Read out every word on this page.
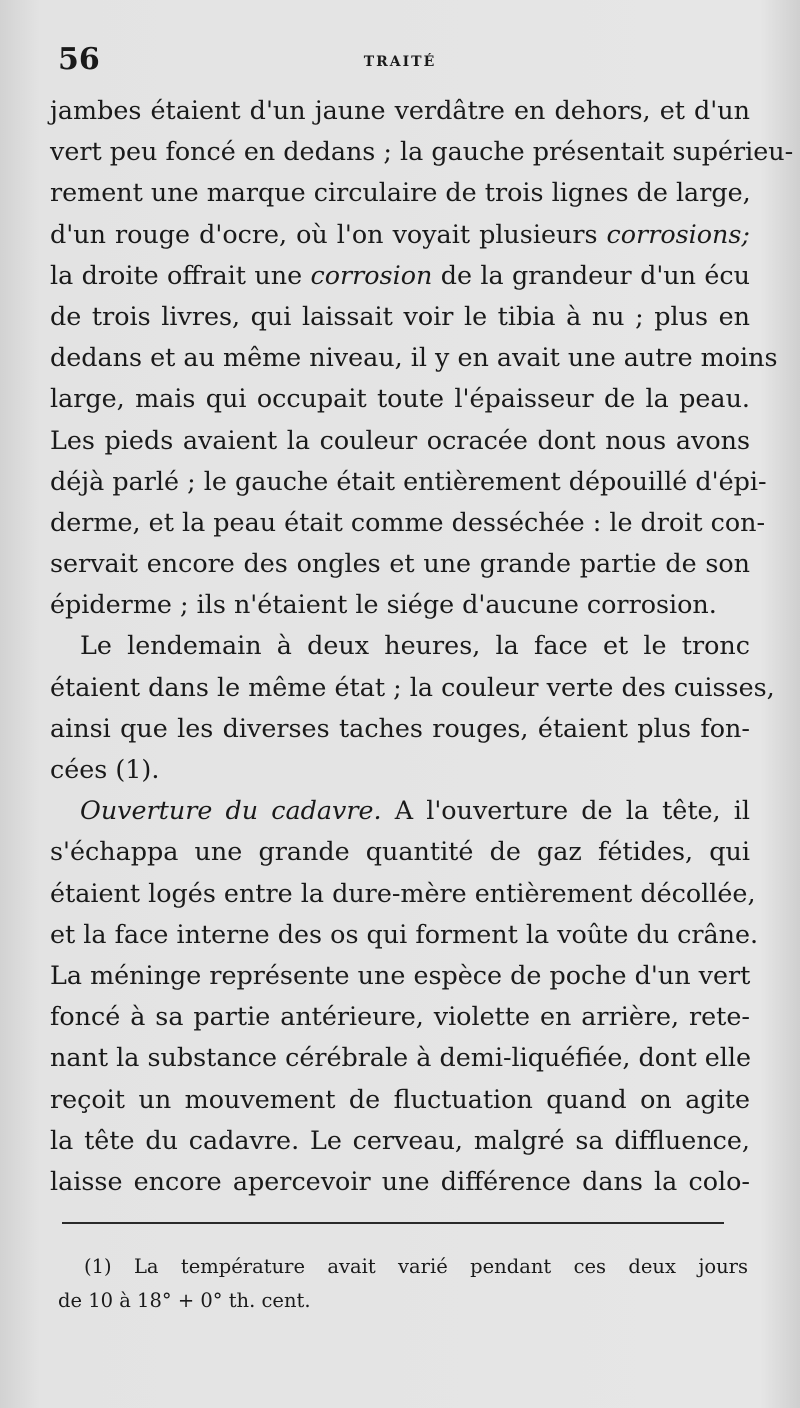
56	TRAITÉ
jambes étaient d'un jaune verdâtre en dehors, et d'un
vert peu foncé en dedans ; la gauche présentait supérieu-
rement une marque circulaire de trois lignes de large,
d'un rouge d'ocre, où l'on voyait plusieurs corrosions;
la droite offrait une corrosion de la grandeur d'un écu
de trois livres, qui laissait voir le tibia à nu ; plus en
dedans et au même niveau, il y en avait une autre moins
large, mais qui occupait toute l'épaisseur de la peau.
Les pieds avaient la couleur ocracée dont nous avons
déjà parlé ; le gauche était entièrement dépouillé d'épi-
derme, et la peau était comme desséchée : le droit con-
servait encore des ongles et une grande partie de son
épiderme ; ils n'étaient le siége d'aucune corrosion.
Le lendemain à deux heures, la face et le tronc
étaient dans le même état ; la couleur verte des cuisses,
ainsi que les diverses taches rouges, étaient plus fon-
cées (1).
Ouverture du cadavre. A l'ouverture de la tête, il
s'échappa une grande quantité de gaz fétides, qui
étaient logés entre la dure-mère entièrement décollée,
et la face interne des os qui forment la voûte du crâne.
La méninge représente une espèce de poche d'un vert
foncé à sa partie antérieure, violette en arrière, rete-
nant la substance cérébrale à demi-liquéfiée, dont elle
reçoit un mouvement de fluctuation quand on agite
la tête du cadavre. Le cerveau, malgré sa diffluence,
laisse encore apercevoir une différence dans la colo-
(1) La température avait varié pendant ces deux jours
de 10 à 18° + 0° th. cent.
